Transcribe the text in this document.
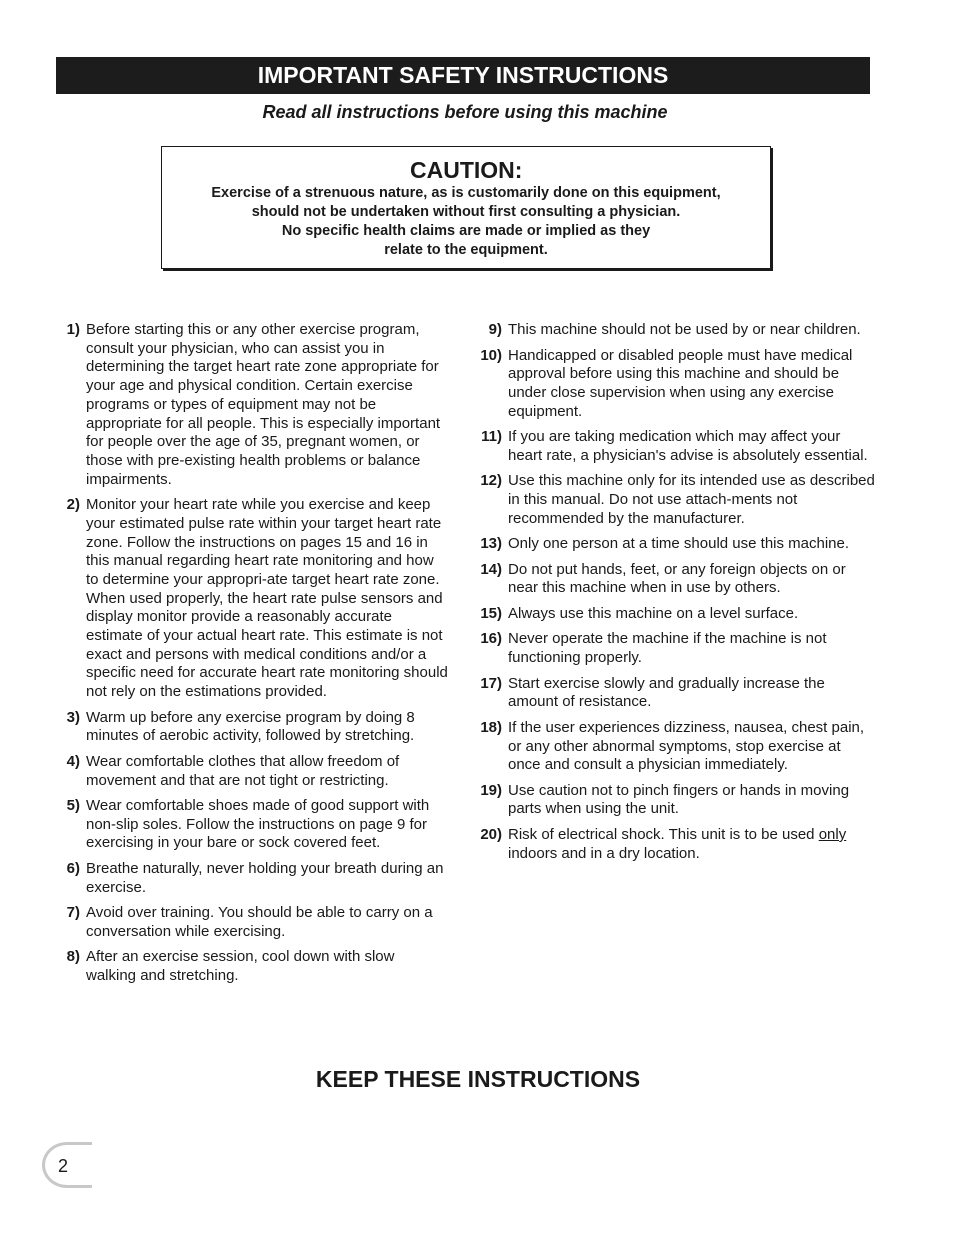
IMPORTANT SAFETY INSTRUCTIONS
Read all instructions before using this machine
CAUTION:
Exercise of a strenuous nature, as is customarily done on this equipment,
should not be undertaken without first consulting a physician.
No specific health claims are made or implied as they
relate to the equipment.
1) Before starting this or any other exercise program, consult your physician, who can assist you in determining the target heart rate zone appropriate for your age and physical condition. Certain exercise programs or types of equipment may not be appropriate for all people. This is especially important for people over the age of 35, pregnant women, or those with pre-existing health problems or balance impairments.
2) Monitor your heart rate while you exercise and keep your estimated pulse rate within your target heart rate zone. Follow the instructions on pages 15 and 16 in this manual regarding heart rate monitoring and how to determine your appropri-ate target heart rate zone. When used properly, the heart rate pulse sensors and display monitor provide a reasonably accurate estimate of your actual heart rate. This estimate is not exact and persons with medical conditions and/or a specific need for accurate heart rate monitoring should not rely on the estimations provided.
3) Warm up before any exercise program by doing 8 minutes of aerobic activity, followed by stretching.
4) Wear comfortable clothes that allow freedom of movement and that are not tight or restricting.
5) Wear comfortable shoes made of good support with non-slip soles. Follow the instructions on page 9 for exercising in your bare or sock covered feet.
6) Breathe naturally, never holding your breath during an exercise.
7) Avoid over training. You should be able to carry on a conversation while exercising.
8) After an exercise session, cool down with slow walking and stretching.
9) This machine should not be used by or near children.
10) Handicapped or disabled people must have medical approval before using this machine and should be under close supervision when using any exercise equipment.
11) If you are taking medication which may affect your heart rate, a physician's advise is absolutely essential.
12) Use this machine only for its intended use as described in this manual. Do not use attach-ments not recommended by the manufacturer.
13) Only one person at a time should use this machine.
14) Do not put hands, feet, or any foreign objects on or near this machine when in use by others.
15) Always use this machine on a level surface.
16) Never operate the machine if the machine is not functioning properly.
17) Start exercise slowly and gradually increase the amount of resistance.
18) If the user experiences dizziness, nausea, chest pain, or any other abnormal symptoms, stop exercise at once and consult a physician immediately.
19) Use caution not to pinch fingers or hands in moving parts when using the unit.
20) Risk of electrical shock. This unit is to be used only indoors and in a dry location.
KEEP THESE INSTRUCTIONS
2
